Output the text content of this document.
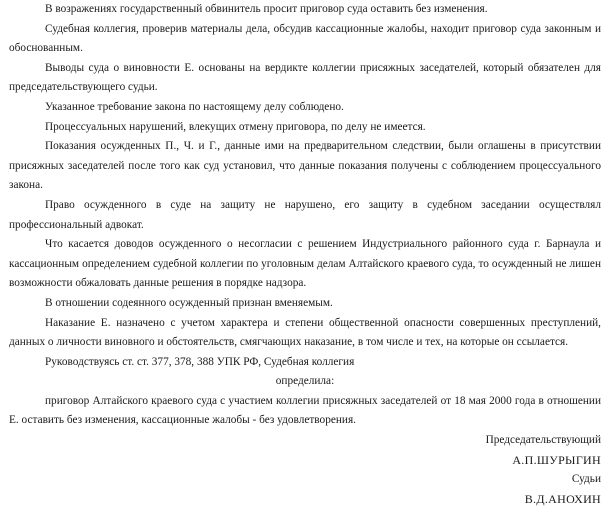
В возражениях государственный обвинитель просит приговор суда оставить без изменения.

Судебная коллегия, проверив материалы дела, обсудив кассационные жалобы, находит приговор суда законным и обоснованным.

Выводы суда о виновности Е. основаны на вердикте коллегии присяжных заседателей, который обязателен для председательствующего судьи.

Указанное требование закона по настоящему делу соблюдено.

Процессуальных нарушений, влекущих отмену приговора, по делу не имеется.

Показания осужденных П., Ч. и Г., данные ими на предварительном следствии, были оглашены в присутствии присяжных заседателей после того как суд установил, что данные показания получены с соблюдением процессуального закона.

Право осужденного в суде на защиту не нарушено, его защиту в судебном заседании осуществлял профессиональный адвокат.

Что касается доводов осужденного о несогласии с решением Индустриального районного суда г. Барнаула и кассационным определением судебной коллегии по уголовным делам Алтайского краевого суда, то осужденный не лишен возможности обжаловать данные решения в порядке надзора.

В отношении содеянного осужденный признан вменяемым.

Наказание Е. назначено с учетом характера и степени общественной опасности совершенных преступлений, данных о личности виновного и обстоятельств, смягчающих наказание, в том числе и тех, на которые он ссылается.

Руководствуясь ст. ст. 377, 378, 388 УПК РФ, Судебная коллегия

определила:

приговор Алтайского краевого суда с участием коллегии присяжных заседателей от 18 мая 2000 года в отношении Е. оставить без изменения, кассационные жалобы - без удовлетворения.

Председательствующий

А.П.ШУРЫГИН

Судьи

В.Д.АНОХИН
